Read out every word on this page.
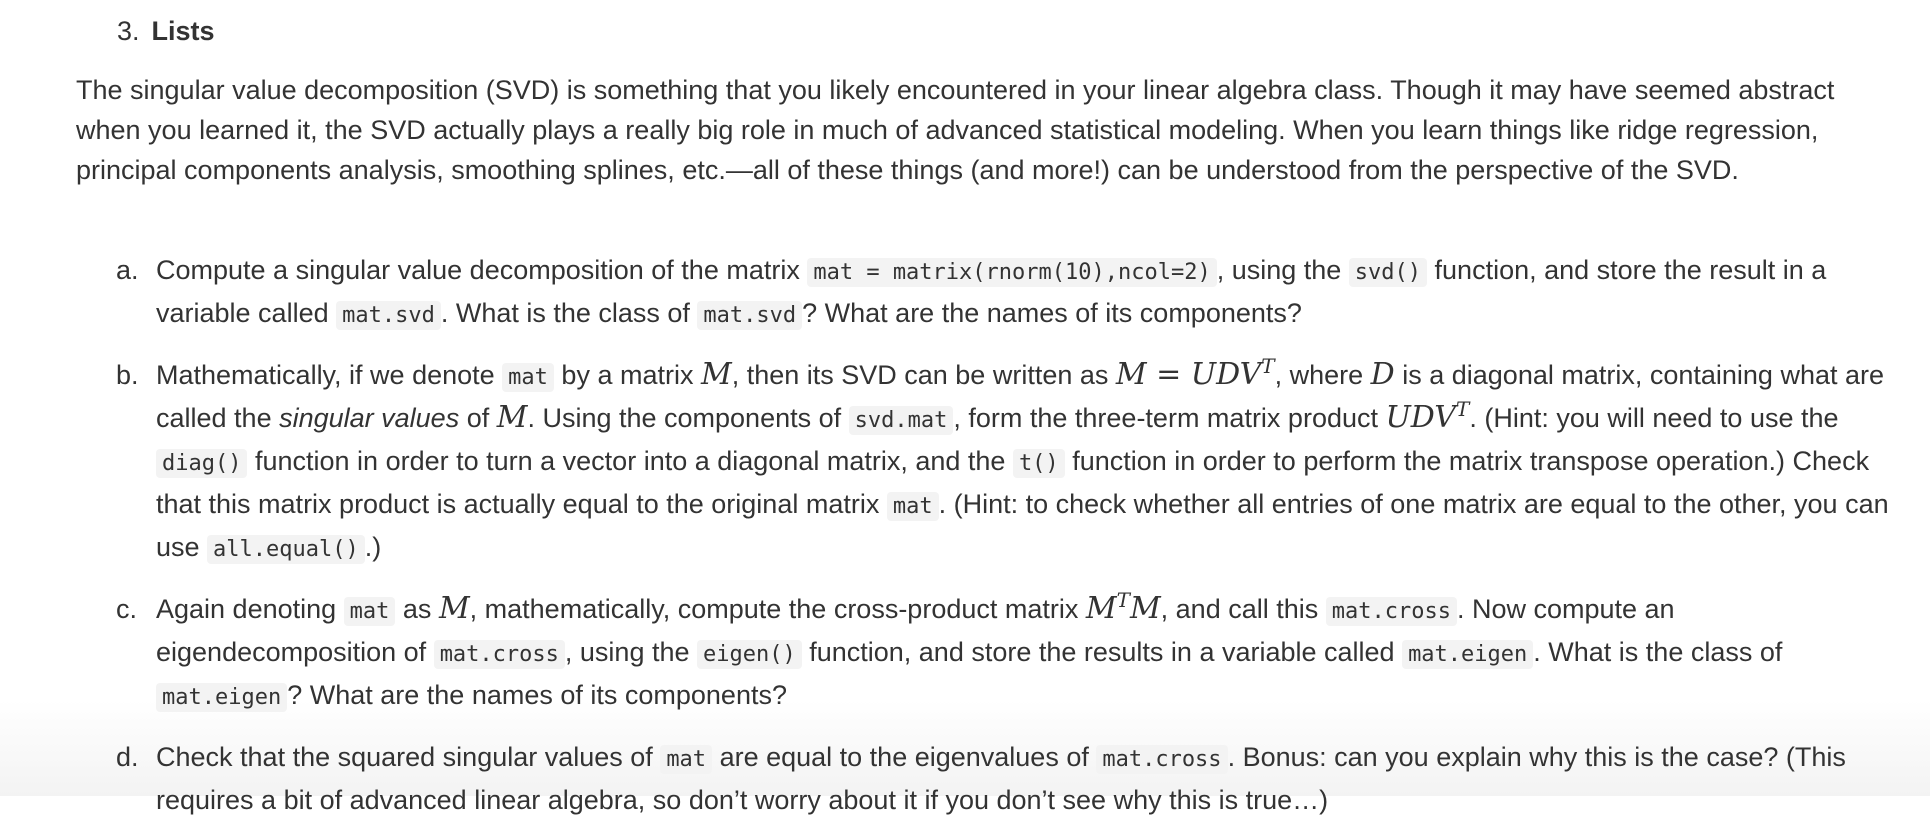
3. Lists

The singular value decomposition (SVD) is something that you likely encountered in your linear algebra class. Though it may have seemed abstract when you learned it, the SVD actually plays a really big role in much of advanced statistical modeling. When you learn things like ridge regression, principal components analysis, smoothing splines, etc.—all of these things (and more!) can be understood from the perspective of the SVD.

a. Compute a singular value decomposition of the matrix mat = matrix(rnorm(10),ncol=2) , using the svd() function, and store the result in a variable called mat.svd . What is the class of mat.svd ? What are the names of its components?
b. Mathematically, if we denote mat by a matrix M, then its SVD can be written as $M = UDV^T$, where D is a diagonal matrix, containing what are called the singular values of M. Using the components of svd.mat , form the three-term matrix product $UDV^T$. (Hint: you will need to use the diag() function in order to turn a vector into a diagonal matrix, and the t() function in order to perform the matrix transpose operation.) Check that this matrix product is actually equal to the original matrix mat . (Hint: to check whether all entries of one matrix are equal to the other, you can use all.equal() .)
c. Again denoting mat as M, mathematically, compute the cross-product matrix $M^TM$, and call this mat.cross . Now compute an eigendecomposition of mat.cross , using the eigen() function, and store the results in a variable called mat.eigen . What is the class of mat.eigen ? What are the names of its components?
d. Check that the squared singular values of mat are equal to the eigenvalues of mat.cross . Bonus: can you explain why this is the case? (This requires a bit of advanced linear algebra, so don’t worry about it if you don’t see why this is true…)
